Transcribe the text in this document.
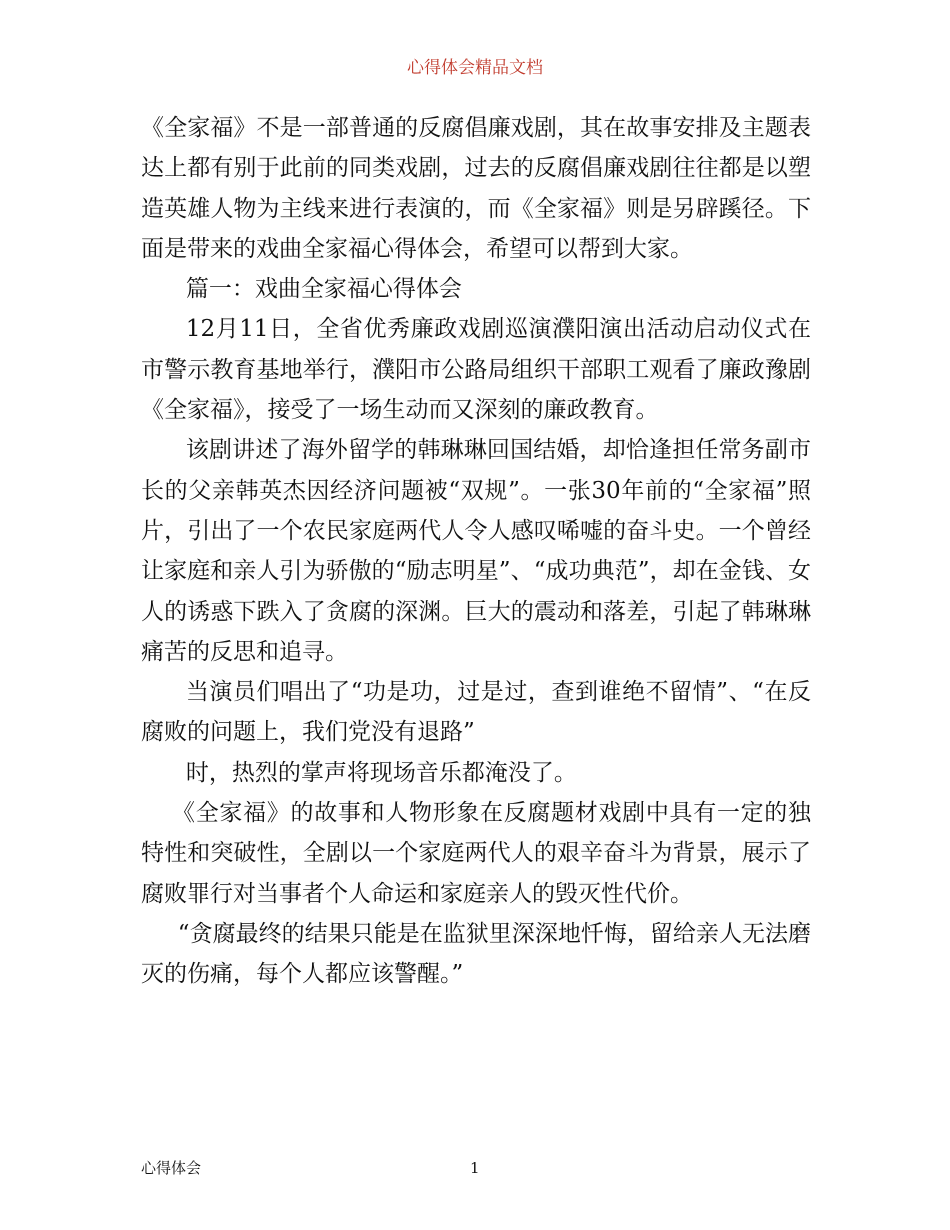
心得体会精品文档

《全家福》不是一部普通的反腐倡廉戏剧，其在故事安排及主题表达上都有别于此前的同类戏剧，过去的反腐倡廉戏剧往往都是以塑造英雄人物为主线来进行表演的，而《全家福》则是另辟蹊径。下面是带来的戏曲全家福心得体会，希望可以帮到大家。

篇一：戏曲全家福心得体会

12月11日，全省优秀廉政戏剧巡演濮阳演出活动启动仪式在市警示教育基地举行，濮阳市公路局组织干部职工观看了廉政豫剧《全家福》，接受了一场生动而又深刻的廉政教育。

该剧讲述了海外留学的韩琳琳回国结婚，却恰逢担任常务副市长的父亲韩英杰因经济问题被“双规”。一张30年前的“全家福”照片，引出了一个农民家庭两代人令人感叹唏嘘的奋斗史。一个曾经让家庭和亲人引为骄傲的“励志明星”、“成功典范”，却在金钱、女人的诱惑下跌入了贪腐的深渊。巨大的震动和落差，引起了韩琳琳痛苦的反思和追寻。

当演员们唱出了“功是功，过是过，查到谁绝不留情”、“在反腐败的问题上，我们党没有退路”

时，热烈的掌声将现场音乐都淹没了。

《全家福》的故事和人物形象在反腐题材戏剧中具有一定的独特性和突破性，全剧以一个家庭两代人的艰辛奋斗为背景，展示了腐败罪行对当事者个人命运和家庭亲人的毁灭性代价。

“贪腐最终的结果只能是在监狱里深深地忏悔，留给亲人无法磨灭的伤痛，每个人都应该警醒。”

心得体会	1
